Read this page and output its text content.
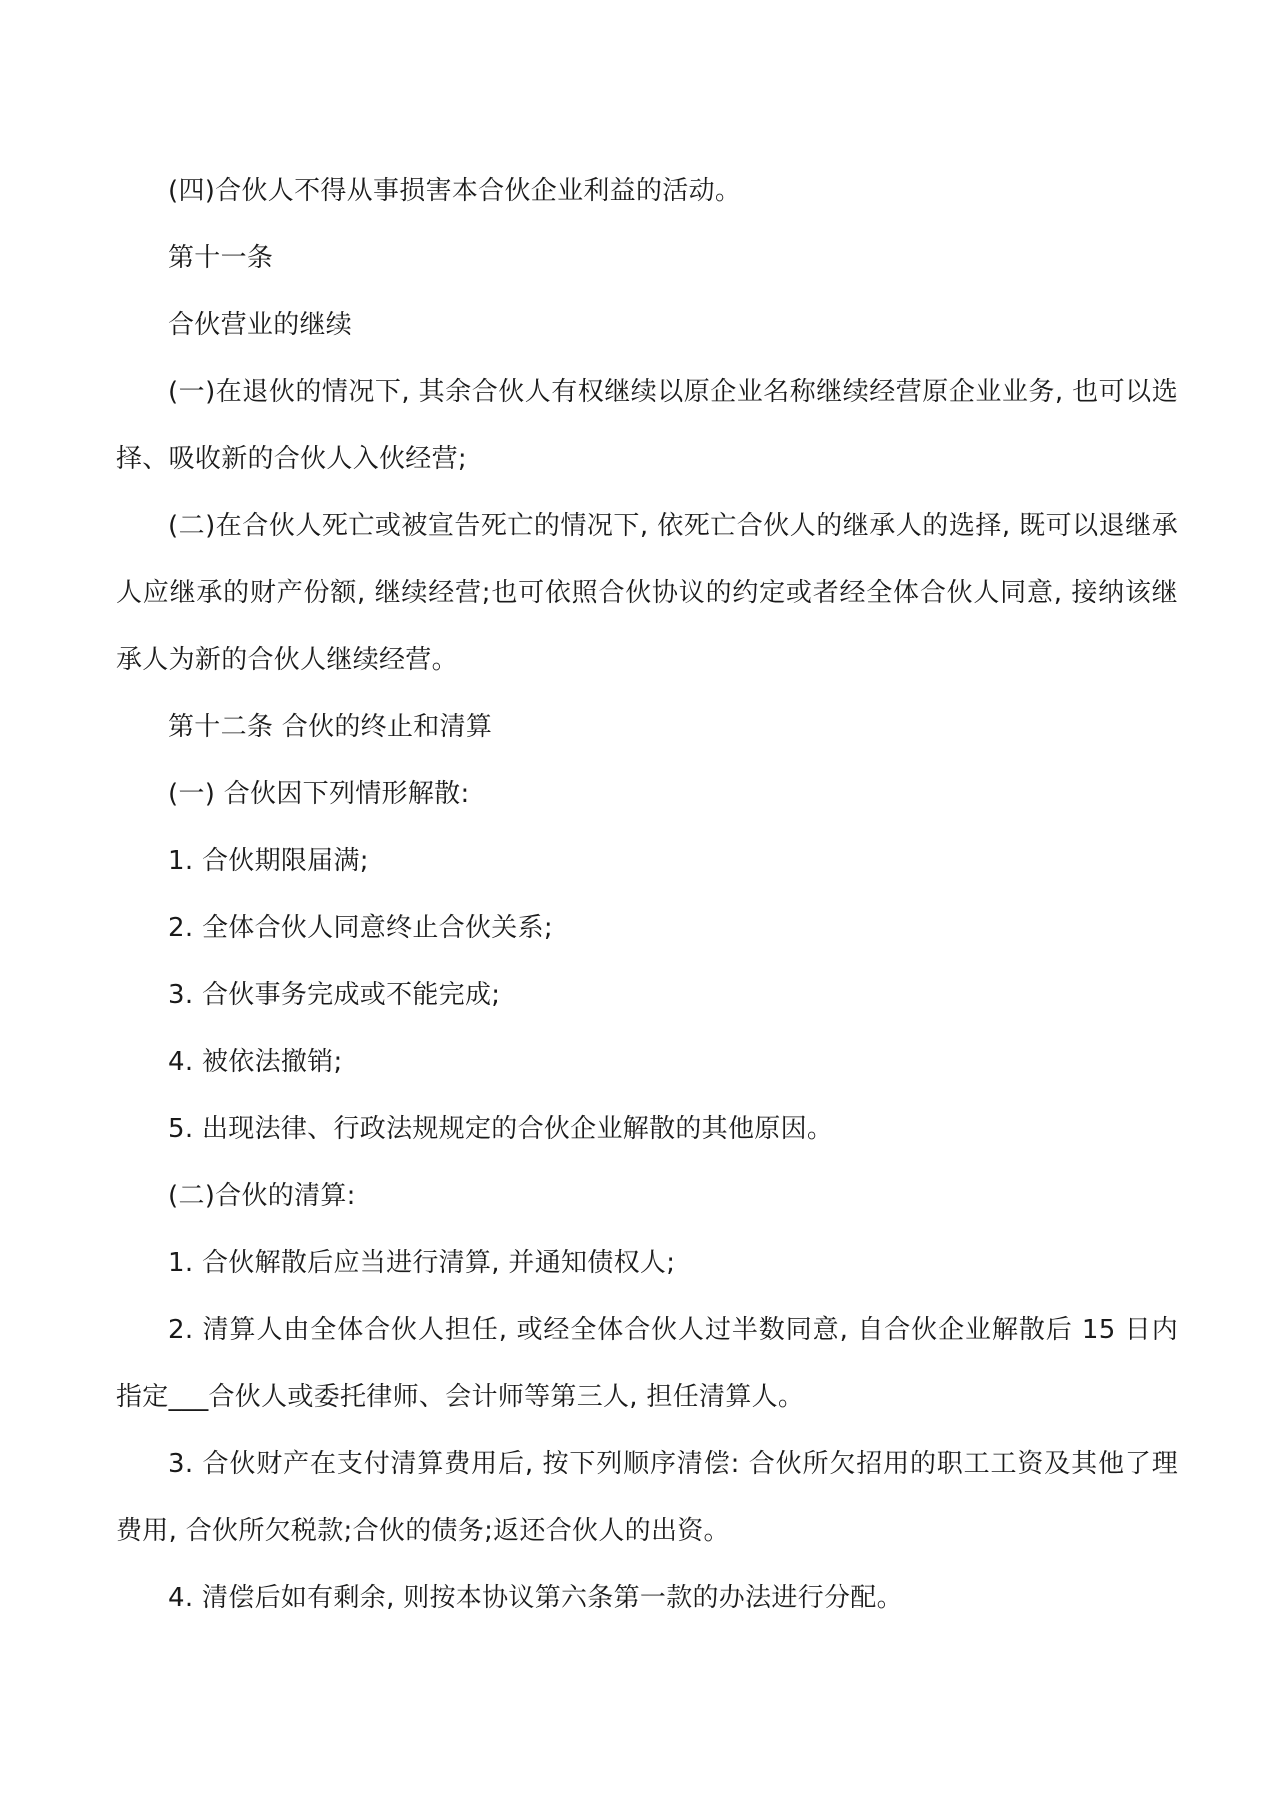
(四)合伙人不得从事损害本合伙企业利益的活动。

第十一条

合伙营业的继续

(一)在退伙的情况下, 其余合伙人有权继续以原企业名称继续经营原企业业务, 也可以选择、吸收新的合伙人入伙经营;

(二)在合伙人死亡或被宣告死亡的情况下, 依死亡合伙人的继承人的选择, 既可以退继承人应继承的财产份额, 继续经营;也可依照合伙协议的约定或者经全体合伙人同意, 接纳该继承人为新的合伙人继续经营。

第十二条 合伙的终止和清算

(一) 合伙因下列情形解散:

1. 合伙期限届满;

2. 全体合伙人同意终止合伙关系;

3. 合伙事务完成或不能完成;

4. 被依法撤销;

5. 出现法律、行政法规规定的合伙企业解散的其他原因。

(二)合伙的清算:

1. 合伙解散后应当进行清算, 并通知债权人;

2. 清算人由全体合伙人担任, 或经全体合伙人过半数同意, 自合伙企业解散后 15 日内指定___合伙人或委托律师、会计师等第三人, 担任清算人。

3. 合伙财产在支付清算费用后, 按下列顺序清偿: 合伙所欠招用的职工工资及其他了理费用, 合伙所欠税款;合伙的债务;返还合伙人的出资。

4. 清偿后如有剩余, 则按本协议第六条第一款的办法进行分配。
